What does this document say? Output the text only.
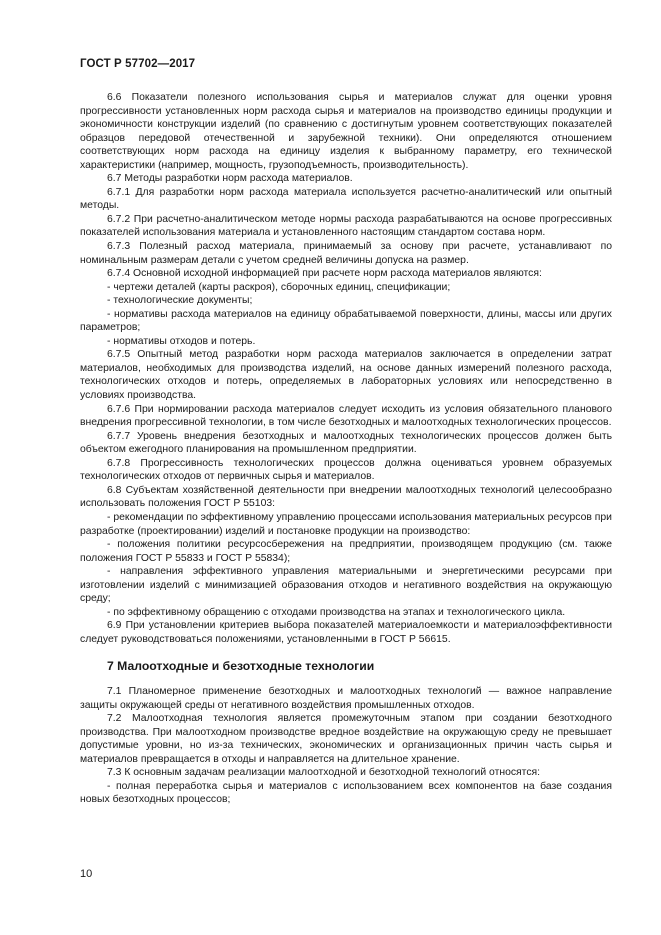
ГОСТ Р 57702—2017

6.6 Показатели полезного использования сырья и материалов служат для оценки уровня прогрессивности установленных норм расхода сырья и материалов на производство единицы продукции и экономичности конструкции изделий (по сравнению с достигнутым уровнем соответствующих показателей образцов передовой отечественной и зарубежной техники). Они определяются отношением соответствующих норм расхода на единицу изделия к выбранному параметру, его технической характеристики (например, мощность, грузоподъемность, производительность).

6.7 Методы разработки норм расхода материалов.

6.7.1 Для разработки норм расхода материала используется расчетно-аналитический или опытный методы.

6.7.2 При расчетно-аналитическом методе нормы расхода разрабатываются на основе прогрессивных показателей использования материала и установленного настоящим стандартом состава норм.

6.7.3 Полезный расход материала, принимаемый за основу при расчете, устанавливают по номинальным размерам детали с учетом средней величины допуска на размер.

6.7.4 Основной исходной информацией при расчете норм расхода материалов являются:

- чертежи деталей (карты раскроя), сборочных единиц, спецификации;

- технологические документы;

- нормативы расхода материалов на единицу обрабатываемой поверхности, длины, массы или других параметров;

- нормативы отходов и потерь.

6.7.5 Опытный метод разработки норм расхода материалов заключается в определении затрат материалов, необходимых для производства изделий, на основе данных измерений полезного расхода, технологических отходов и потерь, определяемых в лабораторных условиях или непосредственно в условиях производства.

6.7.6 При нормировании расхода материалов следует исходить из условия обязательного планового внедрения прогрессивной технологии, в том числе безотходных и малоотходных технологических процессов.

6.7.7 Уровень внедрения безотходных и малоотходных технологических процессов должен быть объектом ежегодного планирования на промышленном предприятии.

6.7.8 Прогрессивность технологических процессов должна оцениваться уровнем образуемых технологических отходов от первичных сырья и материалов.

6.8 Субъектам хозяйственной деятельности при внедрении малоотходных технологий целесообразно использовать положения ГОСТ Р 55103:

- рекомендации по эффективному управлению процессами использования материальных ресурсов при разработке (проектировании) изделий и постановке продукции на производство:

- положения политики ресурсосбережения на предприятии, производящем продукцию (см. также положения ГОСТ Р 55833 и ГОСТ Р 55834);

- направления эффективного управления материальными и энергетическими ресурсами при изготовлении изделий с минимизацией образования отходов и негативного воздействия на окружающую среду;

- по эффективному обращению с отходами производства на этапах и технологического цикла.

6.9 При установлении критериев выбора показателей материалоемкости и материалоэффективности следует руководствоваться положениями, установленными в ГОСТ Р 56615.

7 Малоотходные и безотходные технологии

7.1 Планомерное применение безотходных и малоотходных технологий — важное направление защиты окружающей среды от негативного воздействия промышленных отходов.

7.2 Малоотходная технология является промежуточным этапом при создании безотходного производства. При малоотходном производстве вредное воздействие на окружающую среду не превышает допустимые уровни, но из-за технических, экономических и организационных причин часть сырья и материалов превращается в отходы и направляется на длительное хранение.

7.3 К основным задачам реализации малоотходной и безотходной технологий относятся:

- полная переработка сырья и материалов с использованием всех компонентов на базе создания новых безотходных процессов;

10
